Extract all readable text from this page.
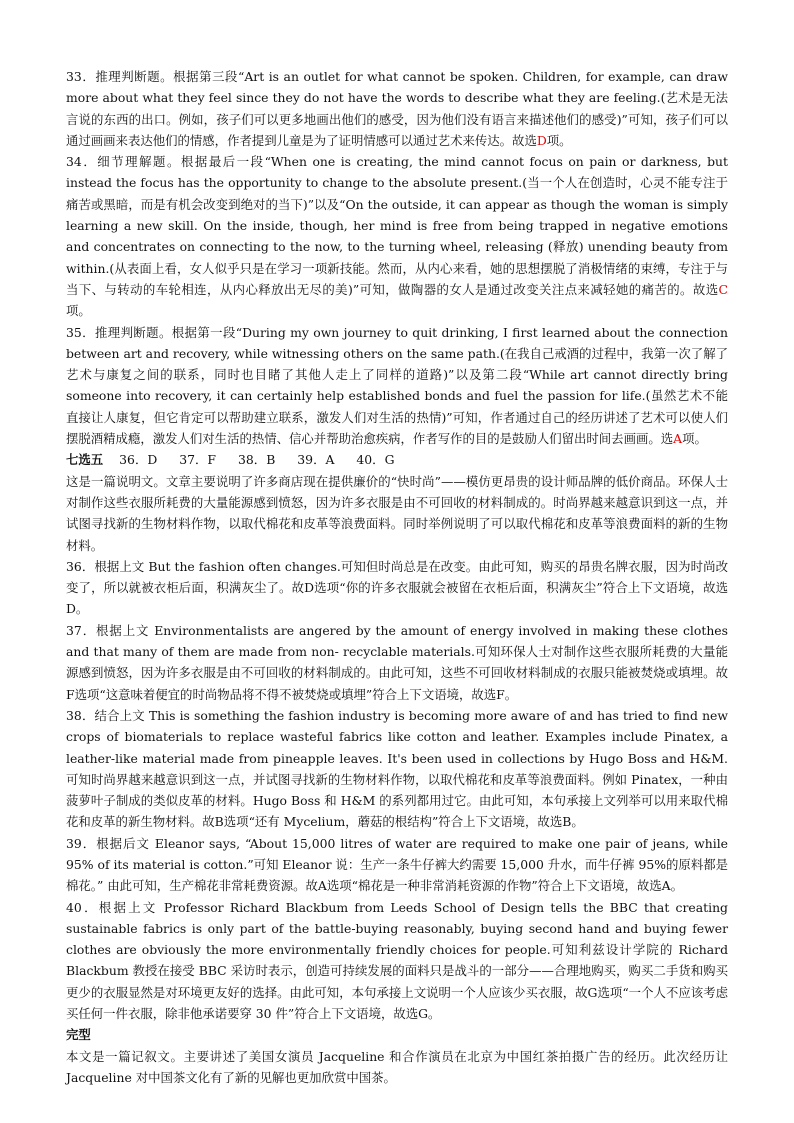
33．推理判断题。根据第三段“Art is an outlet for what cannot be spoken. Children, for example, can draw more about what they feel since they do not have the words to describe what they are feeling.(艺术是无法言说的东西的出口。例如，孩子们可以更多地画出他们的感受，因为他们没有语言来描述他们的感受)”可知，孩子们可以通过画画来表达他们的情感，作者提到儿童是为了证明情感可以通过艺术来传达。故选D项。

34．细节理解题。根据最后一段“When one is creating, the mind cannot focus on pain or darkness, but instead the focus has the opportunity to change to the absolute present.(当一个人在创造时，心灵不能专注于痛苦或黑暗，而是有机会改变到绝对的当下)”以及“On the outside, it can appear as though the woman is simply learning a new skill. On the inside, though, her mind is free from being trapped in negative emotions and concentrates on connecting to the now, to the turning wheel, releasing (释放) unending beauty from within.(从表面上看，女人似乎只是在学习一项新技能。然而，从内心来看，她的思想摆脱了消极情绪的束缚，专注于与当下、与转动的车轮相连，从内心释放出无尽的美)”可知，做陶器的女人是通过改变关注点来减轻她的痛苦的。故选C项。

35．推理判断题。根据第一段“During my own journey to quit drinking, I first learned about the connection between art and recovery, while witnessing others on the same path.(在我自己戒酒的过程中，我第一次了解了艺术与康复之间的联系，同时也目睹了其他人走上了同样的道路)”以及第二段“While art cannot directly bring someone into recovery, it can certainly help established bonds and fuel the passion for life.(虽然艺术不能直接让人康复，但它肯定可以帮助建立联系，激发人们对生活的热情)”可知，作者通过自己的经历讲述了艺术可以使人们摆脱酒精成瘾，激发人们对生活的热情、信心并帮助治愈疾病，作者写作的目的是鼓励人们留出时间去画画。选A项。

七选五 36．D 37．F 38．B 39．A 40．G

这是一篇说明文。文章主要说明了许多商店现在提供廉价的“快时尚”——模仿更昂贵的设计师品牌的低价商品。环保人士对制作这些衣服所耗费的大量能源感到愤怒，因为许多衣服是由不可回收的材料制成的。时尚界越来越意识到这一点，并试图寻找新的生物材料作物，以取代棉花和皮革等浪费面料。同时举例说明了可以取代棉花和皮革等浪费面料的新的生物材料。

36．根据上文 But the fashion often changes.可知但时尚总是在改变。由此可知，购买的昂贵名牌衣服，因为时尚改变了，所以就被衣柜后面，积满灰尘了。故D选项“你的许多衣服就会被留在衣柜后面，积满灰尘”符合上下文语境，故选D。

37．根据上文 Environmentalists are angered by the amount of energy involved in making these clothes and that many of them are made from non- recyclable materials.可知环保人士对制作这些衣服所耗费的大量能源感到愤怒，因为许多衣服是由不可回收的材料制成的。由此可知，这些不可回收材料制成的衣服只能被焚烧或填埋。故F选项“这意味着便宜的时尚物品将不得不被焚烧或填埋”符合上下文语境，故选F。

38．结合上文 This is something the fashion industry is becoming more aware of and has tried to find new crops of biomaterials to replace wasteful fabrics like cotton and leather. Examples include Pinatex, a leather-like material made from pineapple leaves. It's been used in collections by Hugo Boss and H&M.可知时尚界越来越意识到这一点，并试图寻找新的生物材料作物，以取代棉花和皮革等浪费面料。例如 Pinatex，一种由菠萝叶子制成的类似皮革的材料。Hugo Boss 和 H&M 的系列都用过它。由此可知，本句承接上文列举可以用来取代棉花和皮革的新生物材料。故B选项“还有 Mycelium，蘑菇的根结构”符合上下文语境，故选B。

39．根据后文 Eleanor says, “About 15,000 litres of water are required to make one pair of jeans, while 95% of its material is cotton.”可知 Eleanor 说：生产一条牛仔裤大约需要 15,000 升水，而牛仔裤 95%的原料都是棉花。” 由此可知，生产棉花非常耗费资源。故A选项“棉花是一种非常消耗资源的作物”符合上下文语境，故选A。

40．根据上文 Professor Richard Blackbum from Leeds School of Design tells the BBC that creating sustainable fabrics is only part of the battle-buying reasonably, buying second hand and buying fewer clothes are obviously the more environmentally friendly choices for people.可知利兹设计学院的 Richard Blackbum 教授在接受 BBC 采访时表示，创造可持续发展的面料只是战斗的一部分——合理地购买，购买二手货和购买更少的衣服显然是对环境更友好的选择。由此可知，本句承接上文说明一个人应该少买衣服，故G选项“一个人不应该考虑买任何一件衣服，除非他承诺要穿 30 件”符合上下文语境，故选G。

完型

本文是一篇记叙文。主要讲述了美国女演员 Jacqueline 和合作演员在北京为中国红茶拍摄广告的经历。此次经历让 Jacqueline 对中国茶文化有了新的见解也更加欣赏中国茶。
